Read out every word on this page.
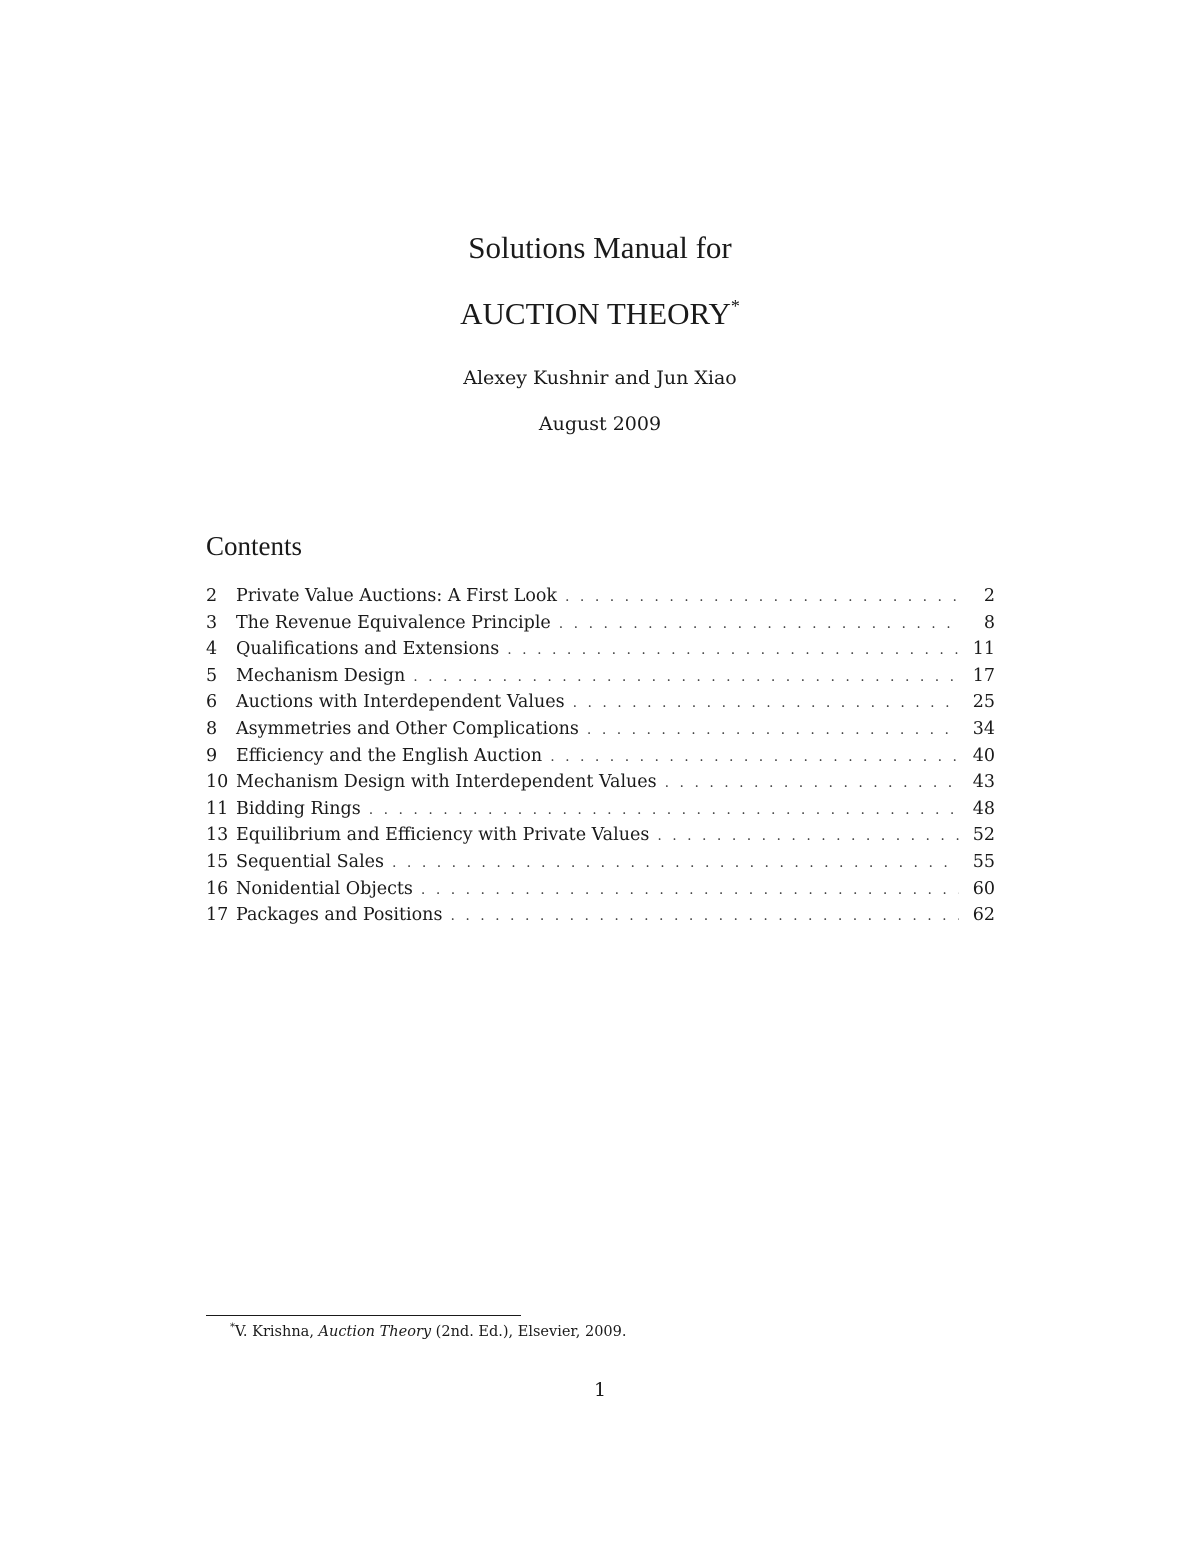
Solutions Manual for
AUCTION THEORY*
Alexey Kushnir and Jun Xiao
August 2009
Contents
2	Private Value Auctions: A First Look . . .	2
3	The Revenue Equivalence Principle . . .	8
4	Qualifications and Extensions . . .	11
5	Mechanism Design . . .	17
6	Auctions with Interdependent Values . . .	25
8	Asymmetries and Other Complications . . .	34
9	Efficiency and the English Auction . . .	40
10 Mechanism Design with Interdependent Values . . .	43
11 Bidding Rings . . .	48
13 Equilibrium and Efficiency with Private Values . . .	52
15 Sequential Sales . . .	55
16 Nonidential Objects . . .	60
17 Packages and Positions . . .	62
*V. Krishna, Auction Theory (2nd. Ed.), Elsevier, 2009.
1
